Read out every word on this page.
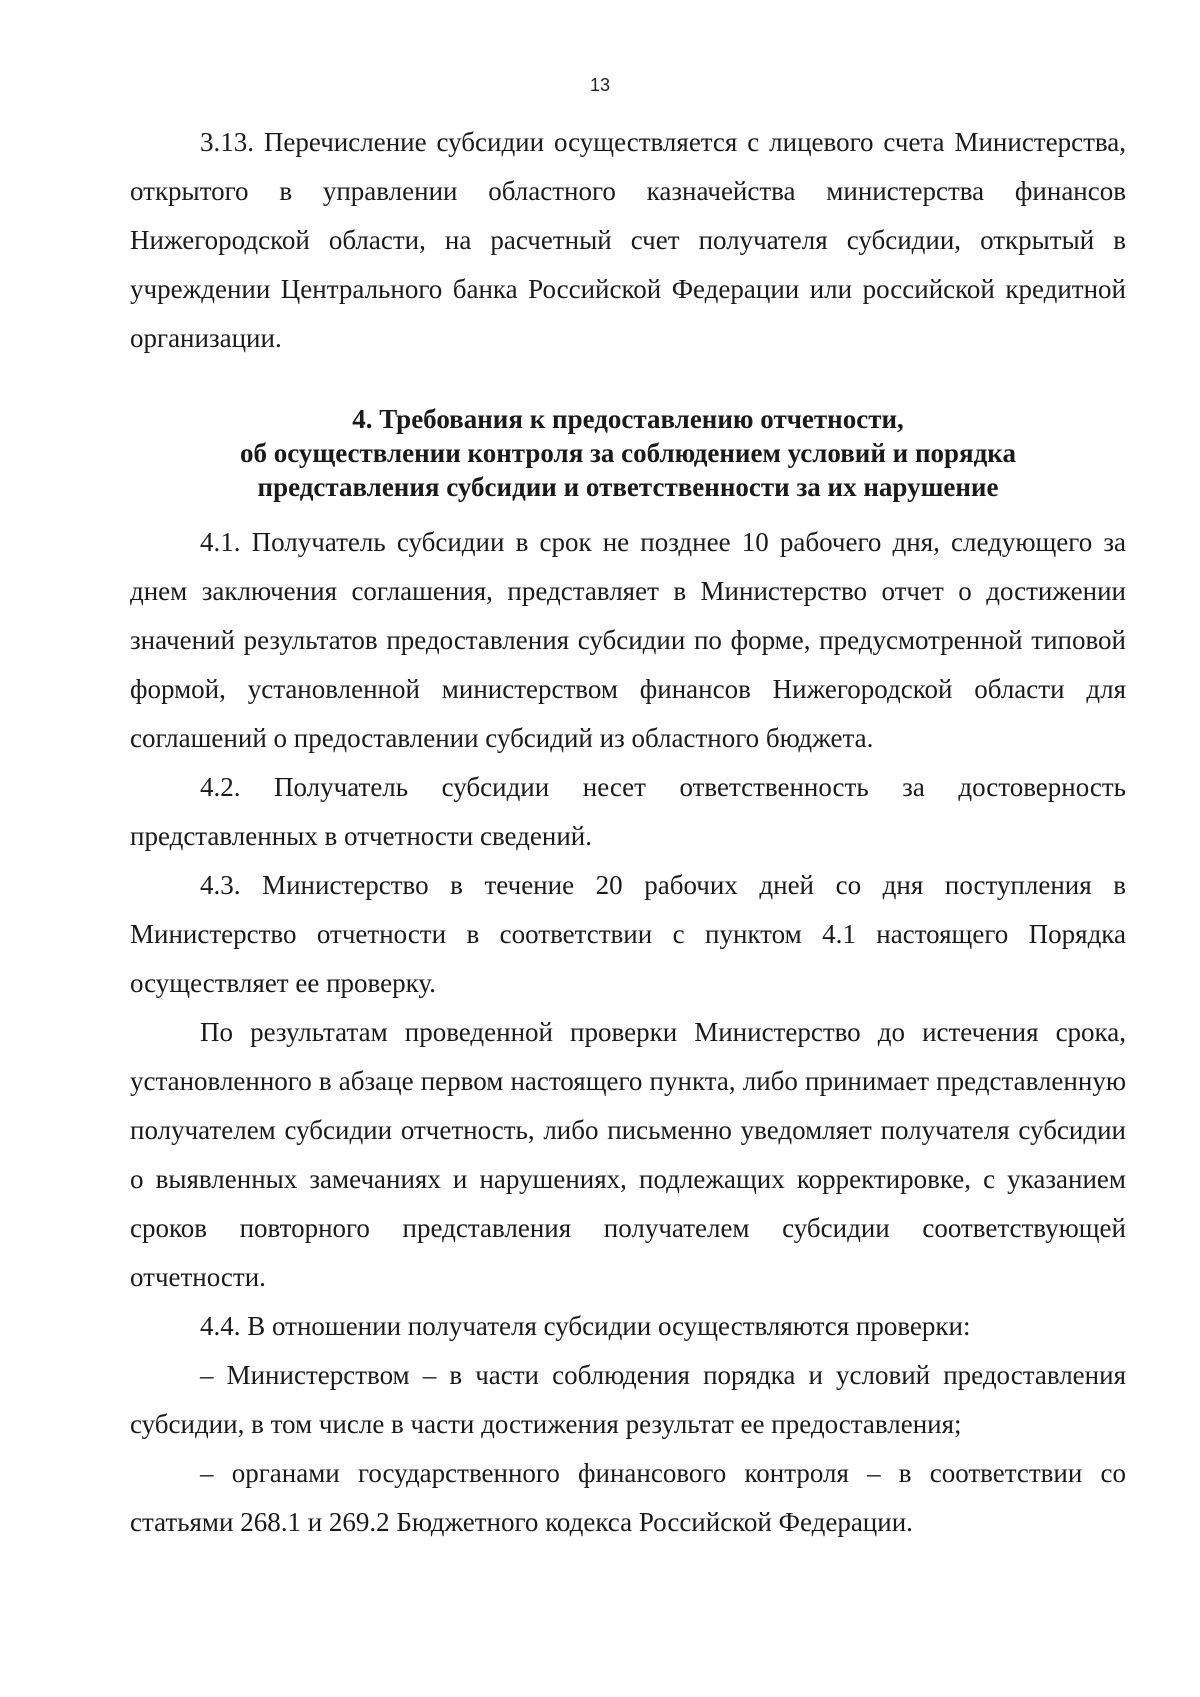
13

3.13. Перечисление субсидии осуществляется с лицевого счета Министерства, открытого в управлении областного казначейства министерства финансов Нижегородской области, на расчетный счет получателя субсидии, открытый в учреждении Центрального банка Российской Федерации или российской кредитной организации.

4. Требования к предоставлению отчетности,
об осуществлении контроля за соблюдением условий и порядка
представления субсидии и ответственности за их нарушение

4.1. Получатель субсидии в срок не позднее 10 рабочего дня, следующего за днем заключения соглашения, представляет в Министерство отчет о достижении значений результатов предоставления субсидии по форме, предусмотренной типовой формой, установленной министерством финансов Нижегородской области для соглашений о предоставлении субсидий из областного бюджета.

4.2. Получатель субсидии несет ответственность за достоверность представленных в отчетности сведений.

4.3. Министерство в течение 20 рабочих дней со дня поступления в Министерство отчетности в соответствии с пунктом 4.1 настоящего Порядка осуществляет ее проверку.

По результатам проведенной проверки Министерство до истечения срока, установленного в абзаце первом настоящего пункта, либо принимает представленную получателем субсидии отчетность, либо письменно уведомляет получателя субсидии о выявленных замечаниях и нарушениях, подлежащих корректировке, с указанием сроков повторного представления получателем субсидии соответствующей отчетности.

4.4. В отношении получателя субсидии осуществляются проверки:

– Министерством – в части соблюдения порядка и условий предоставления субсидии, в том числе в части достижения результат ее предоставления;

– органами государственного финансового контроля – в соответствии со статьями 268.1 и 269.2 Бюджетного кодекса Российской Федерации.
